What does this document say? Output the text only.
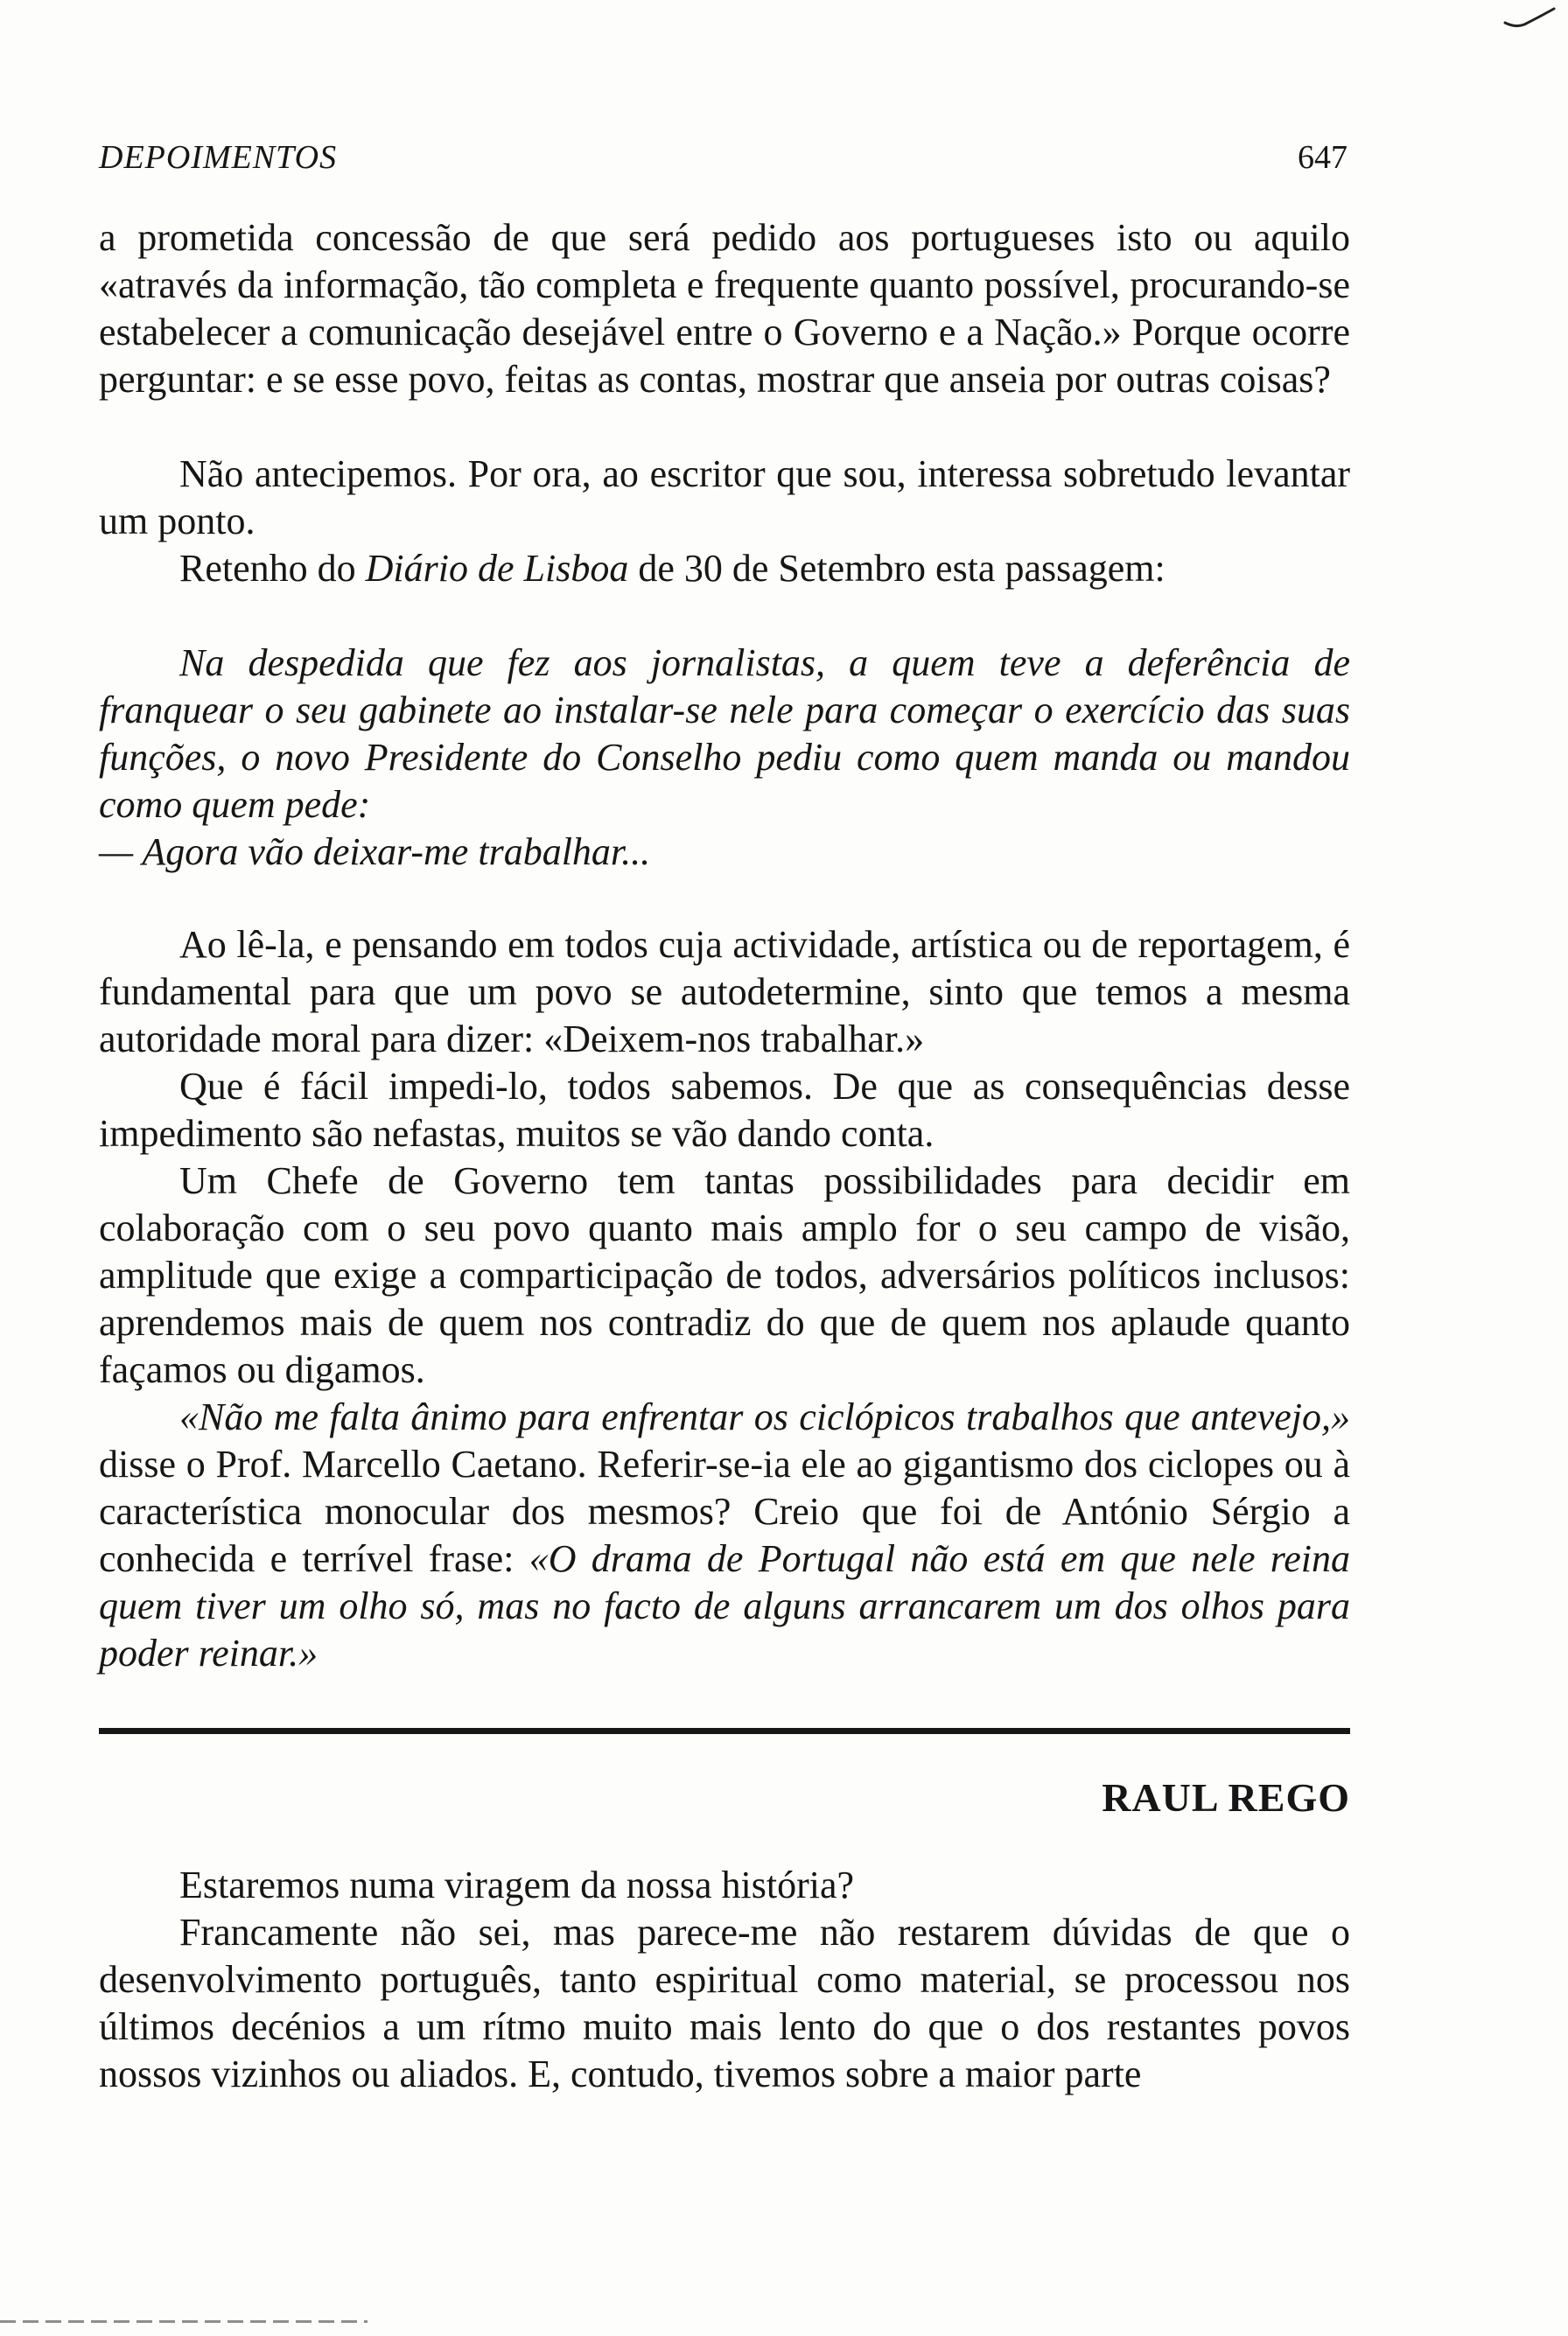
DEPOIMENTOS	647

a prometida concessão de que será pedido aos portugueses isto ou aquilo «através da informação, tão completa e frequente quanto possível, procurando-se estabelecer a comunicação desejável entre o Governo e a Nação.» Porque ocorre perguntar: e se esse povo, feitas as contas, mostrar que anseia por outras coisas?

Não antecipemos. Por ora, ao escritor que sou, interessa sobretudo levantar um ponto.

Retenho do Diário de Lisboa de 30 de Setembro esta passagem:

Na despedida que fez aos jornalistas, a quem teve a deferência de franquear o seu gabinete ao instalar-se nele para começar o exercício das suas funções, o novo Presidente do Conselho pediu como quem manda ou mandou como quem pede:

— Agora vão deixar-me trabalhar...

Ao lê-la, e pensando em todos cuja actividade, artística ou de reportagem, é fundamental para que um povo se autodetermine, sinto que temos a mesma autoridade moral para dizer: «Deixem-nos trabalhar.»

Que é fácil impedi-lo, todos sabemos. De que as consequências desse impedimento são nefastas, muitos se vão dando conta.

Um Chefe de Governo tem tantas possibilidades para decidir em colaboração com o seu povo quanto mais amplo for o seu campo de visão, amplitude que exige a comparticipação de todos, adversários políticos inclusos: aprendemos mais de quem nos contradiz do que de quem nos aplaude quanto façamos ou digamos.

«Não me falta ânimo para enfrentar os ciclópicos trabalhos que antevejo,» disse o Prof. Marcello Caetano. Referir-se-ia ele ao gigantismo dos ciclopes ou à característica monocular dos mesmos? Creio que foi de António Sérgio a conhecida e terrível frase: «O drama de Portugal não está em que nele reina quem tiver um olho só, mas no facto de alguns arrancarem um dos olhos para poder reinar.»

RAUL REGO

Estaremos numa viragem da nossa história?

Francamente não sei, mas parece-me não restarem dúvidas de que o desenvolvimento português, tanto espiritual como material, se processou nos últimos decénios a um rítmo muito mais lento do que o dos restantes povos nossos vizinhos ou aliados. E, contudo, tivemos sobre a maior parte
